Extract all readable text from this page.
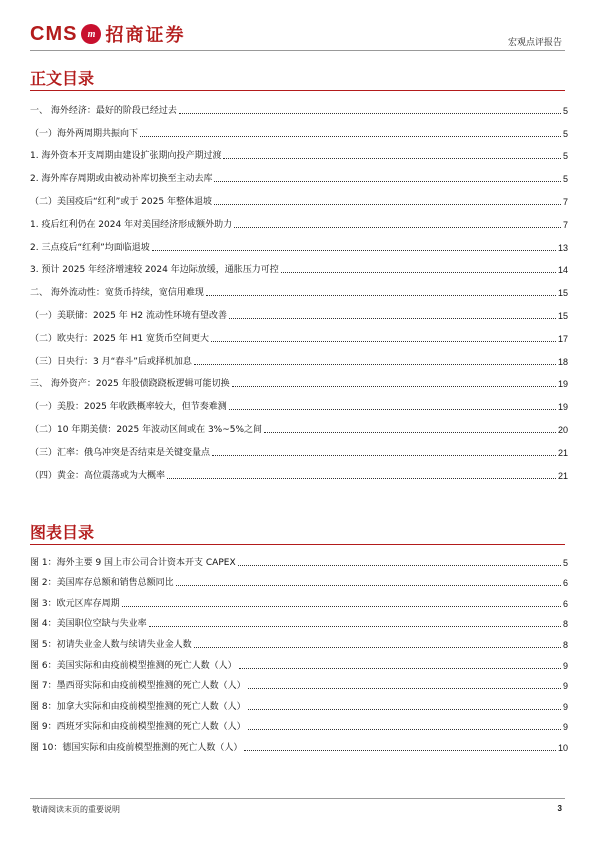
CMS	m 招商证券	宏观点评报告
正文目录
一、 海外经济：最好的阶段已经过去	5
（一）海外两周期共振向下	5
1. 海外资本开支周期由建设扩张期向投产期过渡	5
2. 海外库存周期或由被动补库切换至主动去库	5
（二）美国疫后“红利”或于 2025 年整体退坡	7
1. 疫后红利仍在 2024 年对美国经济形成额外助力	7
2. 三点疫后“红利”均面临退坡	13
3. 预计 2025 年经济增速较 2024 年边际放缓，通胀压力可控	14
二、 海外流动性：宽货币持续，宽信用难现	15
（一）美联储：2025 年 H2 流动性环境有望改善	15
（二）欧央行：2025 年 H1 宽货币空间更大	17
（三）日央行：3 月“春斗”后或择机加息	18
三、 海外资产：2025 年股债跷跷板逻辑可能切换	19
（一）美股：2025 年收跌概率较大，但节奏难测	19
（二）10 年期美债：2025 年波动区间或在 3%~5%之间	20
（三）汇率：俄乌冲突是否结束是关键变量点	21
（四）黄金：高位震荡或为大概率	21
图表目录
图 1：海外主要 9 国上市公司合计资本开支 CAPEX	5
图 2：美国库存总额和销售总额同比	6
图 3：欧元区库存周期	6
图 4：美国职位空缺与失业率	8
图 5：初请失业金人数与续请失业金人数	8
图 6：美国实际和由疫前模型推测的死亡人数（人）	9
图 7：墨西哥实际和由疫前模型推测的死亡人数（人）	9
图 8：加拿大实际和由疫前模型推测的死亡人数（人）	9
图 9：西班牙实际和由疫前模型推测的死亡人数（人）	9
图 10：德国实际和由疫前模型推测的死亡人数（人）	10
敬请阅读末页的重要说明	3
